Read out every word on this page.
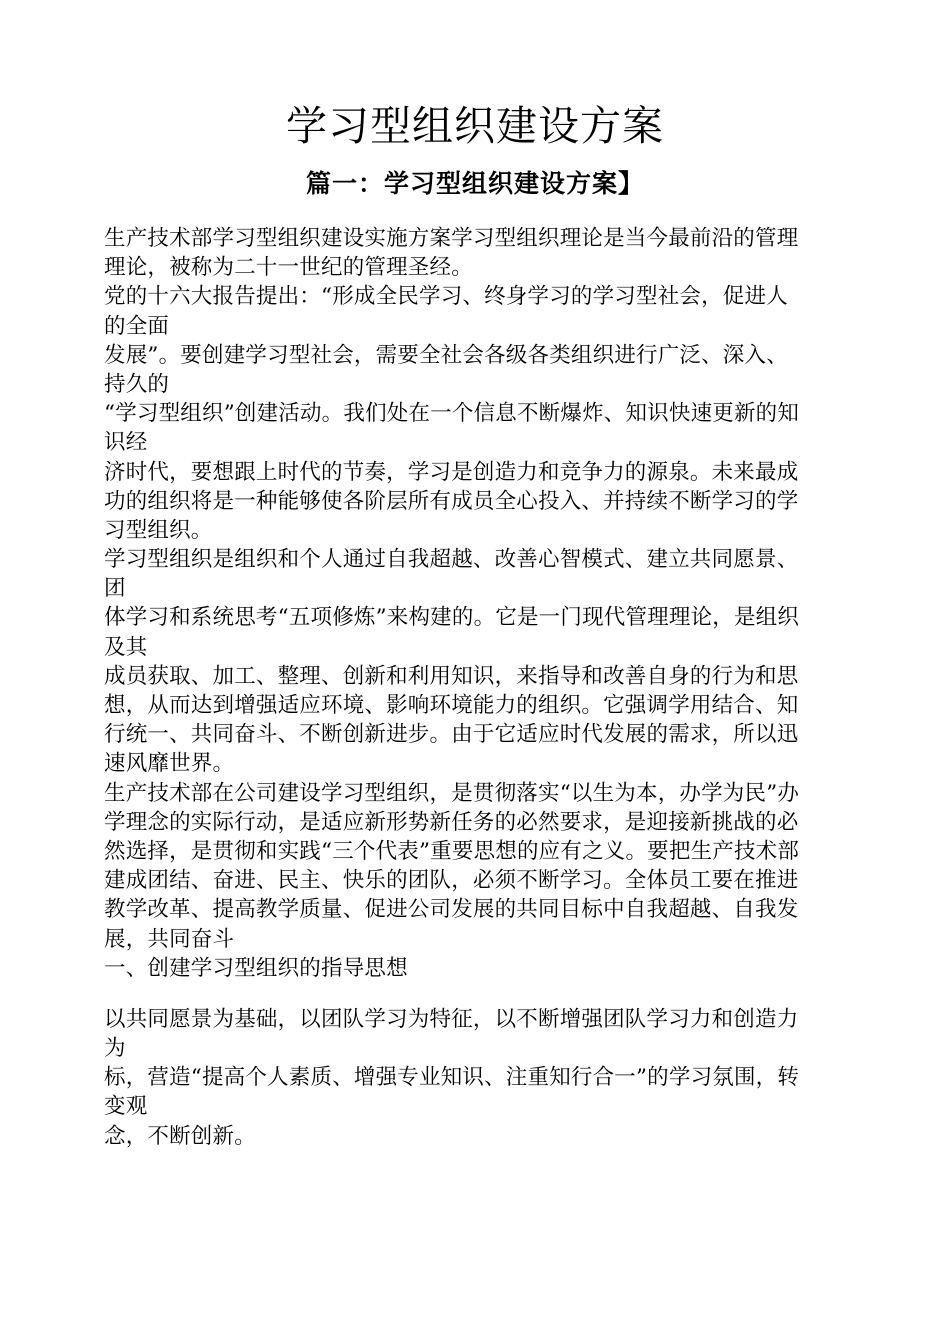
学习型组织建设方案
篇一：学习型组织建设方案】
生产技术部学习型组织建设实施方案学习型组织理论是当今最前沿的管理
理论，被称为二十一世纪的管理圣经。
党的十六大报告提出：“形成全民学习、终身学习的学习型社会，促进人
的全面
发展”。要创建学习型社会，需要全社会各级各类组织进行广泛、深入、
持久的
“学习型组织”创建活动。我们处在一个信息不断爆炸、知识快速更新的知
识经
济时代，要想跟上时代的节奏，学习是创造力和竞争力的源泉。未来最成
功的组织将是一种能够使各阶层所有成员全心投入、并持续不断学习的学
习型组织。
学习型组织是组织和个人通过自我超越、改善心智模式、建立共同愿景、
团
体学习和系统思考“五项修炼”来构建的。它是一门现代管理理论，是组织
及其
成员获取、加工、整理、创新和利用知识，来指导和改善自身的行为和思
想，从而达到增强适应环境、影响环境能力的组织。它强调学用结合、知
行统一、共同奋斗、不断创新进步。由于它适应时代发展的需求，所以迅
速风靡世界。
生产技术部在公司建设学习型组织，是贯彻落实“以生为本，办学为民”办
学理念的实际行动，是适应新形势新任务的必然要求，是迎接新挑战的必
然选择，是贯彻和实践“三个代表”重要思想的应有之义。要把生产技术部
建成团结、奋进、民主、快乐的团队，必须不断学习。全体员工要在推进
教学改革、提高教学质量、促进公司发展的共同目标中自我超越、自我发
展，共同奋斗
一、创建学习型组织的指导思想
以共同愿景为基础，以团队学习为特征，以不断增强团队学习力和创造力
为
标，营造“提高个人素质、增强专业知识、注重知行合一”的学习氛围，转
变观
念，不断创新。
